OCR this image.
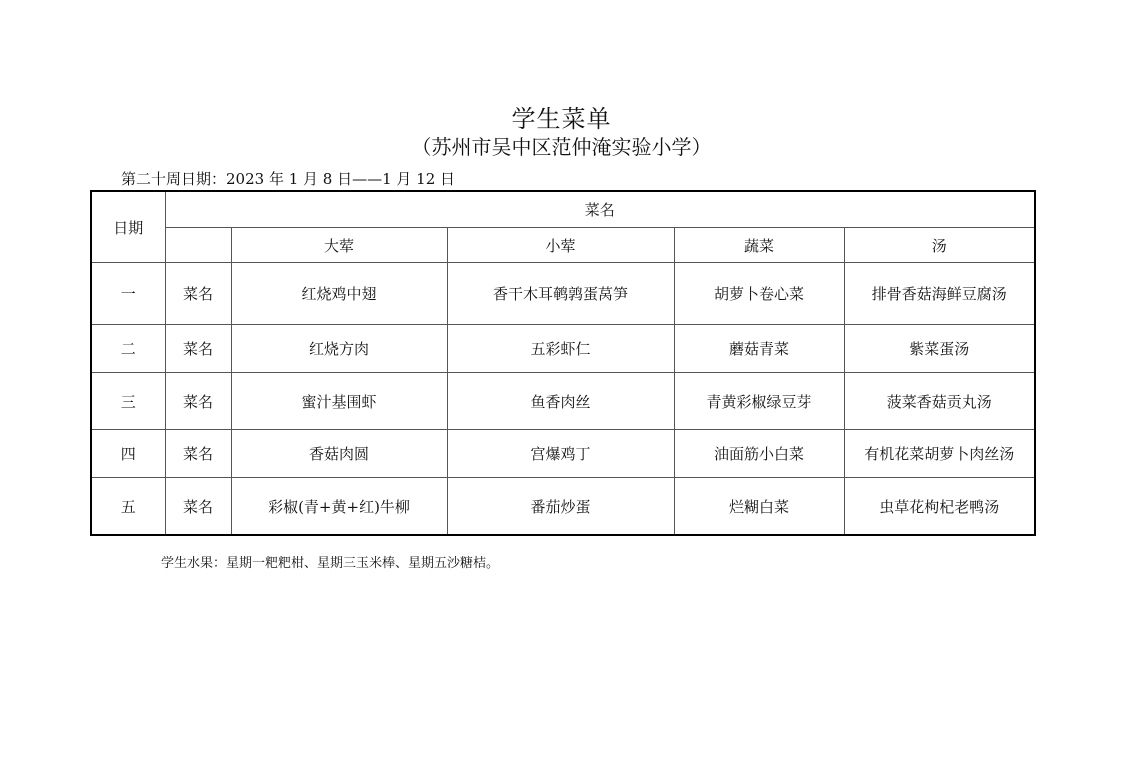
学生菜单
（苏州市吴中区范仲淹实验小学）
第二十周日期：2023 年 1 月 8 日——1 月 12 日
日期	菜名				
		大荤	小荤	蔬菜	汤
一	菜名	红烧鸡中翅	香干木耳鹌鹑蛋莴笋	胡萝卜卷心菜	排骨香菇海鲜豆腐汤
二	菜名	红烧方肉	五彩虾仁	蘑菇青菜	紫菜蛋汤
三	菜名	蜜汁基围虾	鱼香肉丝	青黄彩椒绿豆芽	菠菜香菇贡丸汤
四	菜名	香菇肉圆	宫爆鸡丁	油面筋小白菜	有机花菜胡萝卜肉丝汤
五	菜名	彩椒(青+黄+红)牛柳	番茄炒蛋	烂糊白菜	虫草花枸杞老鸭汤
学生水果：星期一粑粑柑、星期三玉米棒、星期五沙糖桔。
